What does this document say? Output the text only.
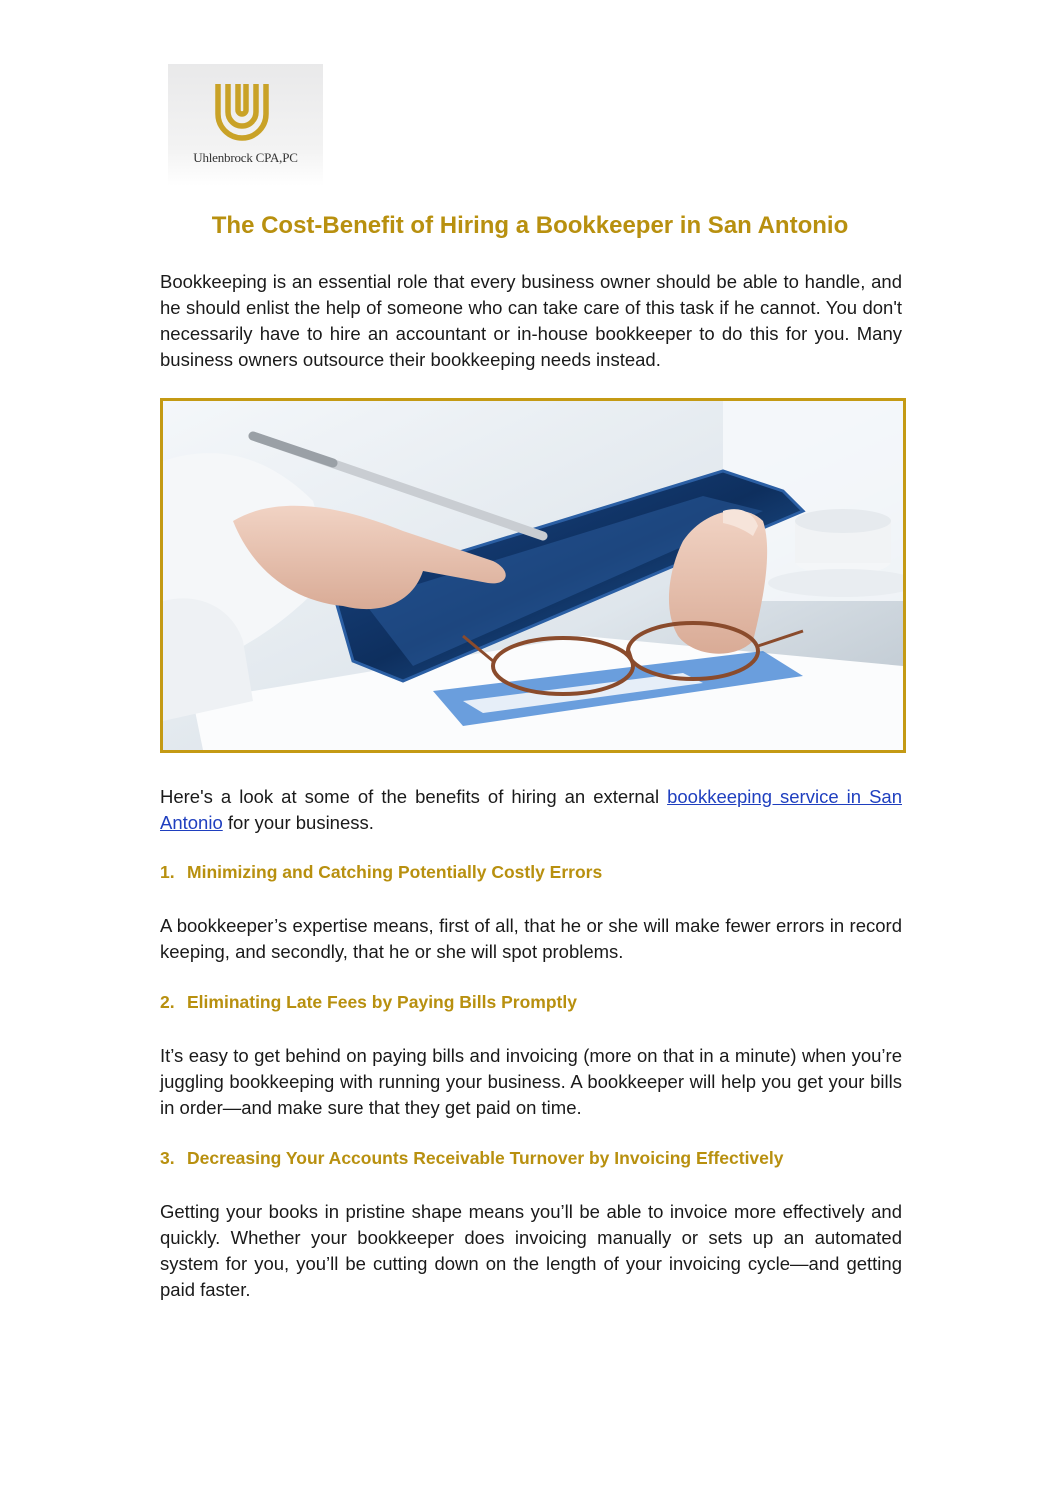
Uhlenbrock CPA,PC
The Cost-Benefit of Hiring a Bookkeeper in San Antonio

Bookkeeping is an essential role that every business owner should be able to handle, and he should enlist the help of someone who can take care of this task if he cannot. You don't necessarily have to hire an accountant or in-house bookkeeper to do this for you. Many business owners outsource their bookkeeping needs instead.

Here's a look at some of the benefits of hiring an external bookkeeping service in San Antonio for your business.

1. Minimizing and Catching Potentially Costly Errors

A bookkeeper’s expertise means, first of all, that he or she will make fewer errors in record keeping, and secondly, that he or she will spot problems.

2. Eliminating Late Fees by Paying Bills Promptly

It’s easy to get behind on paying bills and invoicing (more on that in a minute) when you’re juggling bookkeeping with running your business. A bookkeeper will help you get your bills in order—and make sure that they get paid on time.

3. Decreasing Your Accounts Receivable Turnover by Invoicing Effectively

Getting your books in pristine shape means you’ll be able to invoice more effectively and quickly. Whether your bookkeeper does invoicing manually or sets up an automated system for you, you’ll be cutting down on the length of your invoicing cycle—and getting paid faster.
